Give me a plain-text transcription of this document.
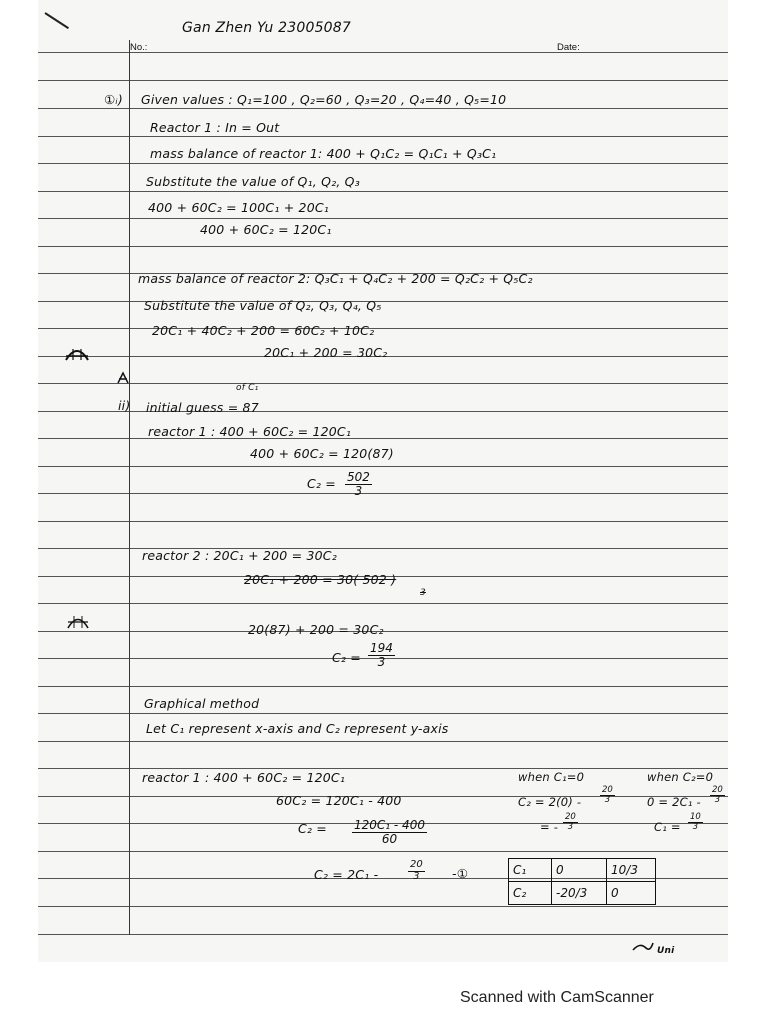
Gan Zhen Yu 23005087
No.:	Date:
①ᵢ) Given values : Q₁=100 , Q₂=60 , Q₃=20 , Q₄=40 , Q₅=10
Reactor 1 : In = Out
mass balance of reactor 1: 400 + Q₁C₂ = Q₁C₁ + Q₃C₁
Substitute the value of Q₁, Q₂, Q₃
400 + 60C₂ = 100C₁ + 20C₁
400 + 60C₂ = 120C₁
mass balance of reactor 2: Q₃C₁ + Q₄C₂ + 200 = Q₂C₂ + Q₅C₂
Substitute the value of Q₂, Q₃, Q₄, Q₅
20C₁ + 40C₂ + 200 = 60C₂ + 10C₂
20C₁ + 200 = 30C₂
of C₁
ii) initial guess = 87
reactor 1 : 400 + 60C₂ = 120C₁
400 + 60C₂ = 120(87)
$C_2 = \frac{502}{3}$
reactor 2 : 20C₁ + 200 = 30C₂
20C₁ + 200 = 30( 502 )
3
20(87) + 200 = 30C₂
$C_2 = \frac{194}{3}$
Graphical method
Let C₁ represent x-axis and C₂ represent y-axis
reactor 1 : 400 + 60C₂ = 120C₁
60C₂ = 120C₁ - 400
$C_2 = \frac{\text{120C₁ - 400}}{60}$
C₂ = 2C₁ -	$\frac{20}{3}$ -①
when C₁=0
$C_2 = 2(0) - \frac{20}{3}$
= - $\frac{20}{3}$
when C₂=0
$0 = 2C_1 - \frac{20}{3}$
$C_1 = \frac{10}{3}$
C₁	0	10/3
C₂	-20/3	0
Uni
Scanned with CamScanner
